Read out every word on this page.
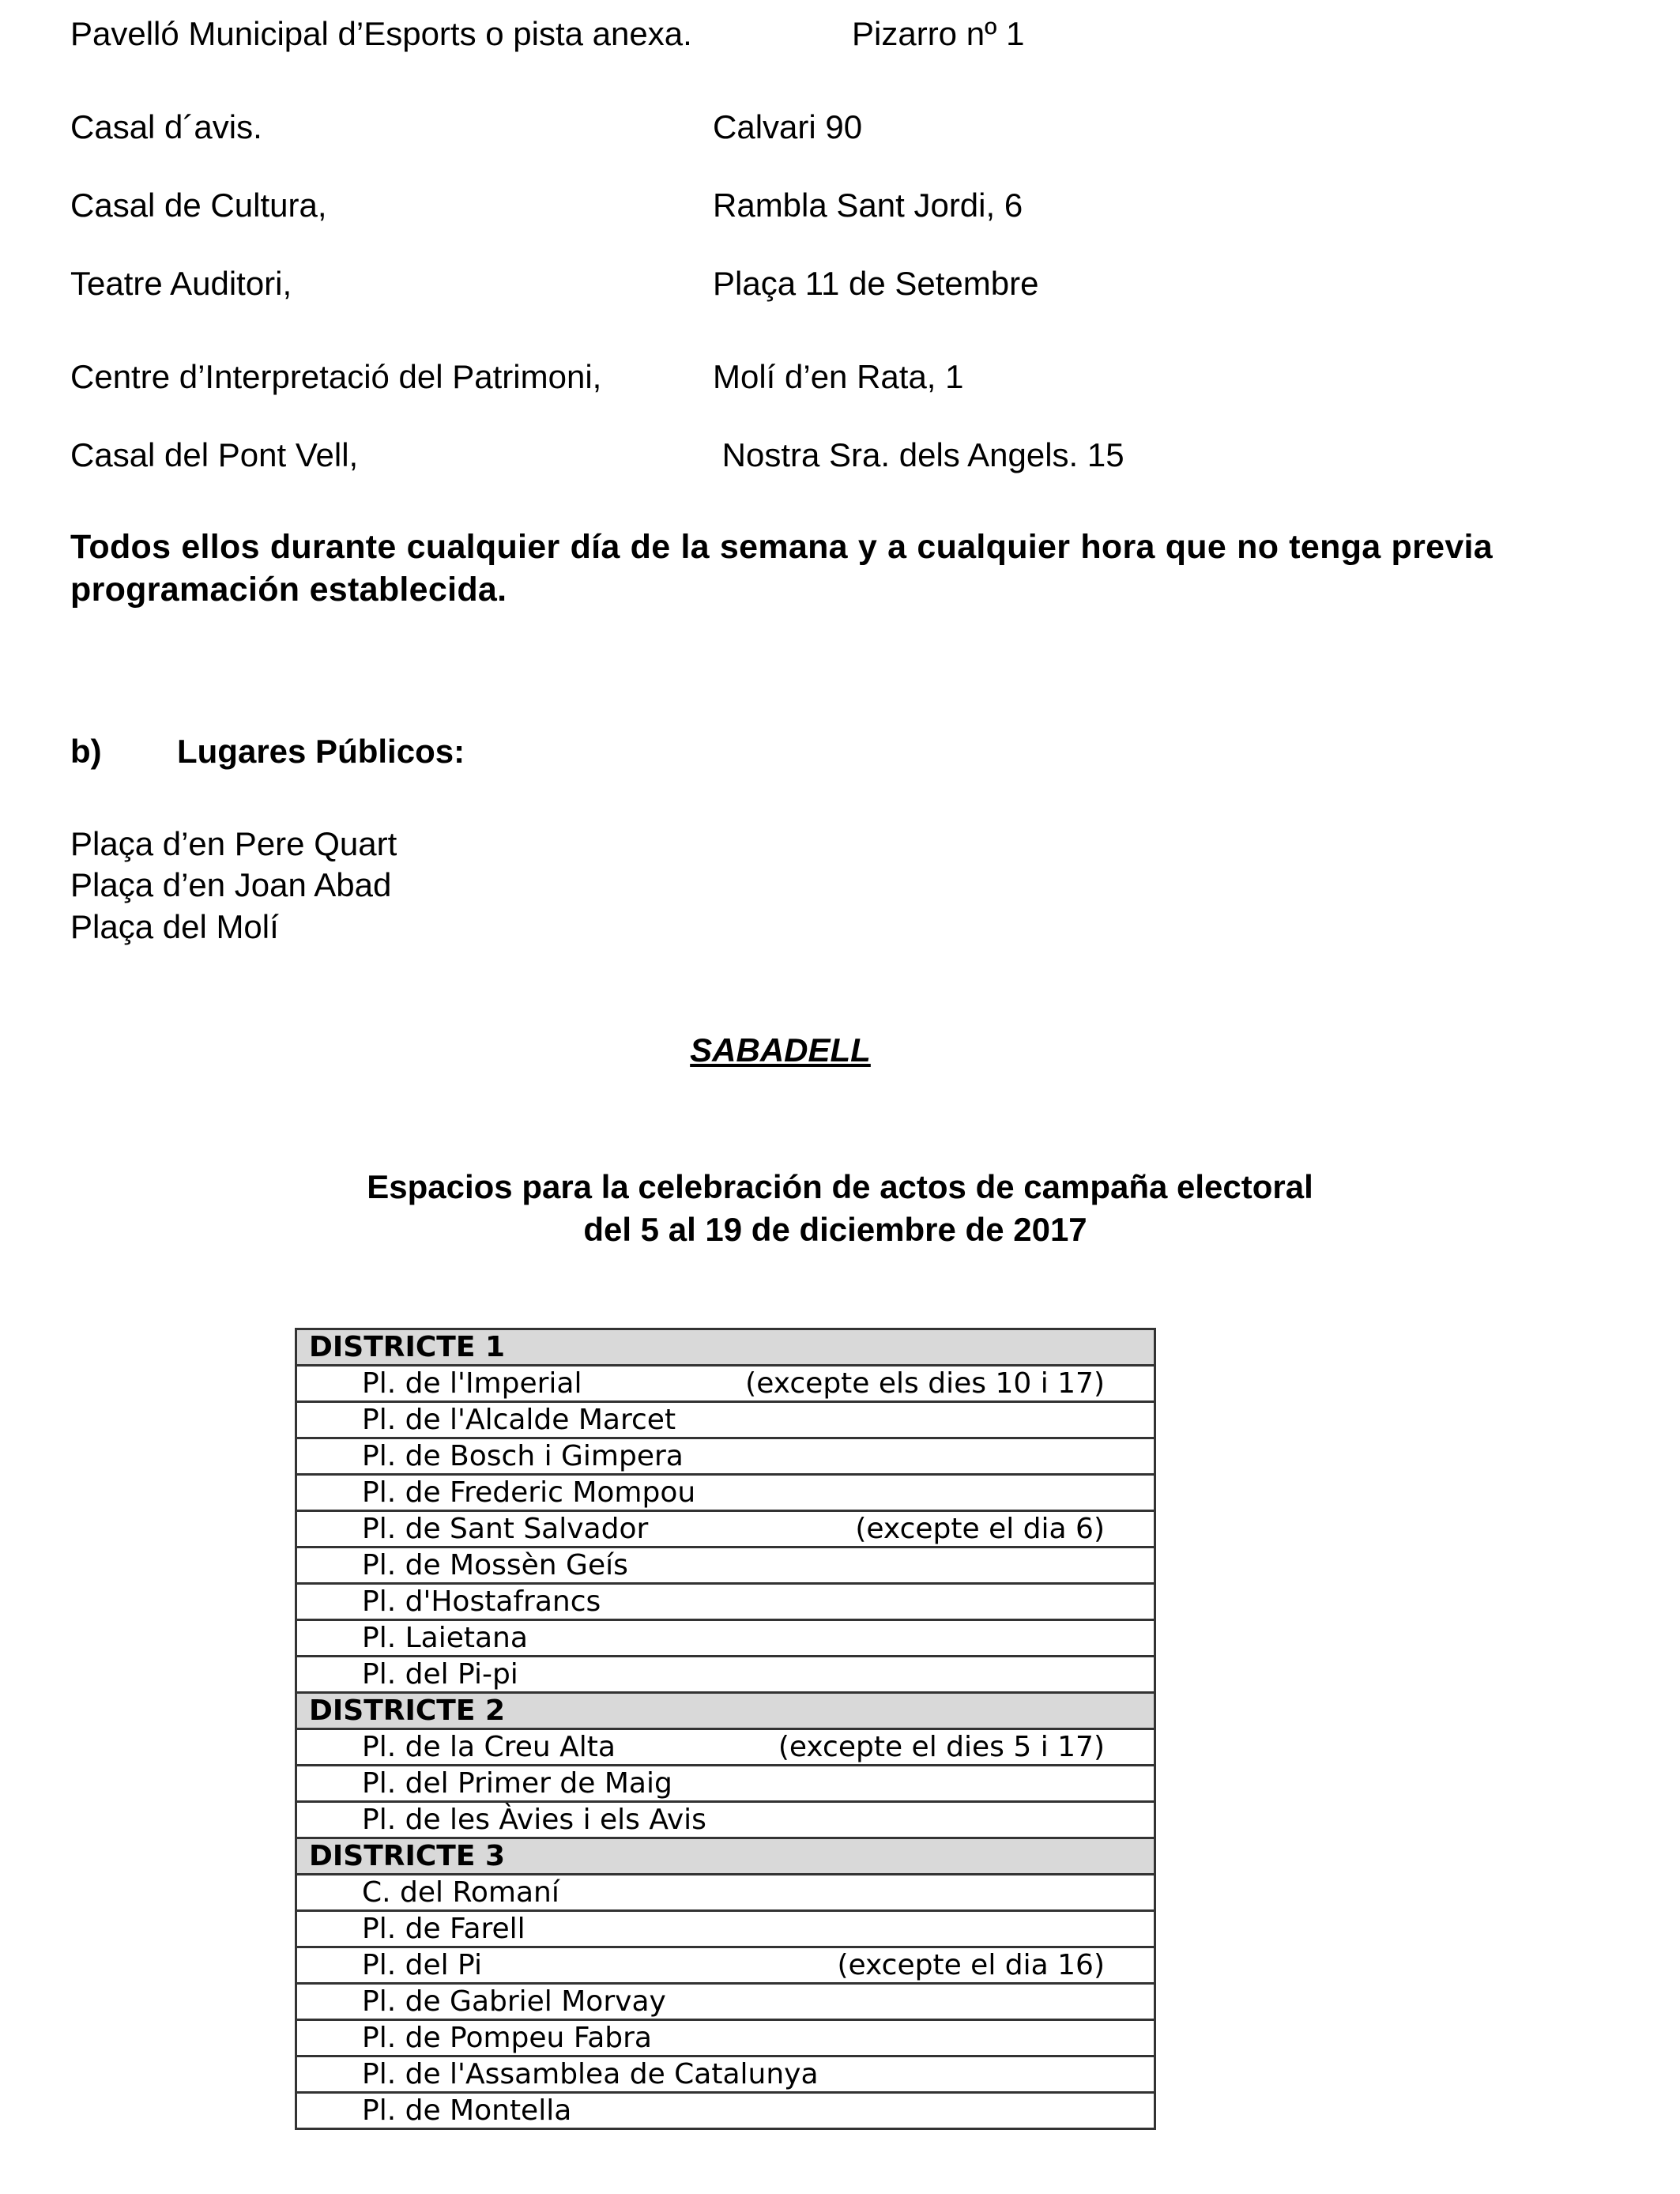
Pavelló Municipal d’Esports o pista anexa.	Pizarro nº 1
Casal d´avis.	Calvari 90
Casal de Cultura,	Rambla Sant Jordi, 6
Teatre Auditori,	Plaça 11 de Setembre
Centre d’Interpretació del Patrimoni,	Molí d’en Rata, 1
Casal del Pont Vell,	Nostra Sra. dels Angels. 15
Todos ellos durante cualquier día de la semana y a cualquier hora que no tenga previa programación establecida.
b) Lugares Públicos:
Plaça d’en Pere Quart
Plaça d’en Joan Abad
Plaça del Molí
SABADELL
Espacios para la celebración de actos de campaña electoral
del 5 al 19 de diciembre de 2017
DISTRICTE 1

Pl. de l'Imperial	(excepte els dies 10 i 17)

Pl. de l'Alcalde Marcet

Pl. de Bosch i Gimpera

Pl. de Frederic Mompou

Pl. de Sant Salvador	(excepte el dia 6)

Pl. de Mossèn Geís

Pl. d'Hostafrancs

Pl. Laietana

Pl. del Pi-pi

DISTRICTE 2

Pl. de la Creu Alta	(excepte el dies 5 i 17)

Pl. del Primer de Maig

Pl. de les Àvies i els Avis

DISTRICTE 3

C. del Romaní

Pl. de Farell

Pl. del Pi	(excepte el dia 16)

Pl. de Gabriel Morvay

Pl. de Pompeu Fabra

Pl. de l'Assamblea de Catalunya

Pl. de Montella
